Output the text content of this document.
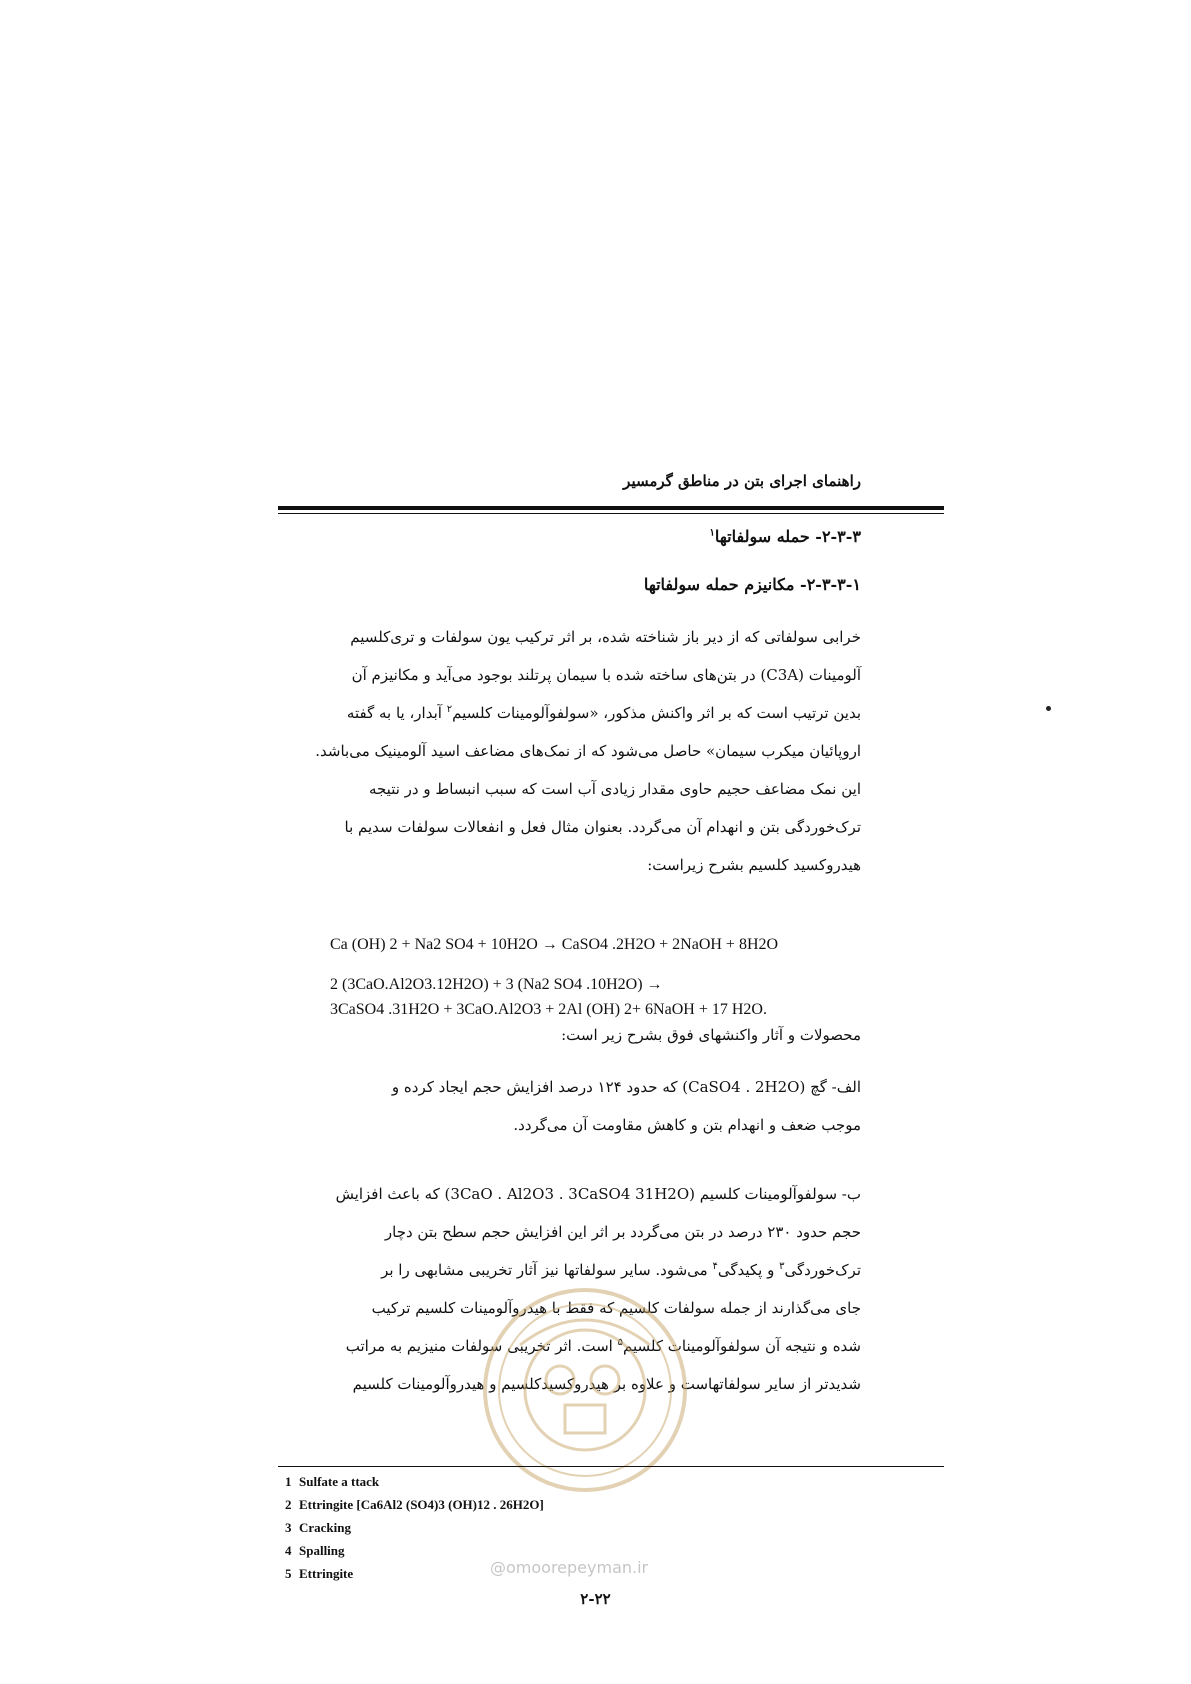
راهنمای اجرای بتن در مناطق گرمسیر
۲-۳-۳- حمله سولفاتها$^۱$
۲-۳-۳-۱- مکانیزم حمله سولفاتها

خرابی سولفاتی که از دیر باز شناخته شده، بر اثر ترکیب یون سولفات و تری‌کلسیم

آلومینات (C3A) در بتن‌های ساخته شده با سیمان پرتلند بوجود می‌آید و مکانیزم آن

بدین ترتیب است که بر اثر واکنش مذکور، «سولفوآلومینات کلسیم$^۲$ آبدار، یا به گفته

اروپائیان میکرب سیمان» حاصل می‌شود که از نمک‌های مضاعف اسید آلومینیک می‌باشد.

این نمک مضاعف حجیم حاوی مقدار زیادی آب است که سبب انبساط و در نتیجه

ترک‌خوردگی بتن و انهدام آن می‌گردد. بعنوان مثال فعل و انفعالات سولفات سدیم با

هیدروکسید کلسیم بشرح زیراست:

Ca (OH) 2 + Na2 SO4 + 10H2O → CaSO4 .2H2O + 2NaOH + 8H2O
2 (3CaO.Al2O3.12H2O) + 3 (Na2 SO4 .10H2O) →
3CaSO4 .31H2O + 3CaO.Al2O3 + 2Al (OH) 2+ 6NaOH + 17 H2O.
محصولات و آثار واکنشهای فوق بشرح زیر است:

الف- گچ (CaSO4 . 2H2O) که حدود ۱۲۴ درصد افزایش حجم ایجاد کرده و

موجب ضعف و انهدام بتن و کاهش مقاومت آن می‌گردد.

ب- سولفوآلومینات کلسیم (3CaO . Al2O3 . 3CaSO4 31H2O) که باعث افزایش

حجم حدود ۲۳۰ درصد در بتن می‌گردد بر اثر این افزایش حجم سطح بتن دچار

ترک‌خوردگی$^۳$ و پکیدگی$^۴$ می‌شود. سایر سولفاتها نیز آثار تخریبی مشابهی را بر

جای می‌گذارند از جمله سولفات کلسیم که فقط با هیدروآلومینات کلسیم ترکیب

شده و نتیجه آن سولفوآلومینات کلسیم$^۵$ است. اثر تخریبی سولفات منیزیم به مراتب

شدیدتر از سایر سولفاتهاست و علاوه بر هیدروکسیدکلسیم و هیدروآلومینات کلسیم

1 Sulfate a ttack
2 Ettringite [Ca6Al2 (SO4)3 (OH)12 . 26H2O]
3 Cracking
4 Spalling
5 Ettringite	@omoorepeyman.ir
۲-۲۲
